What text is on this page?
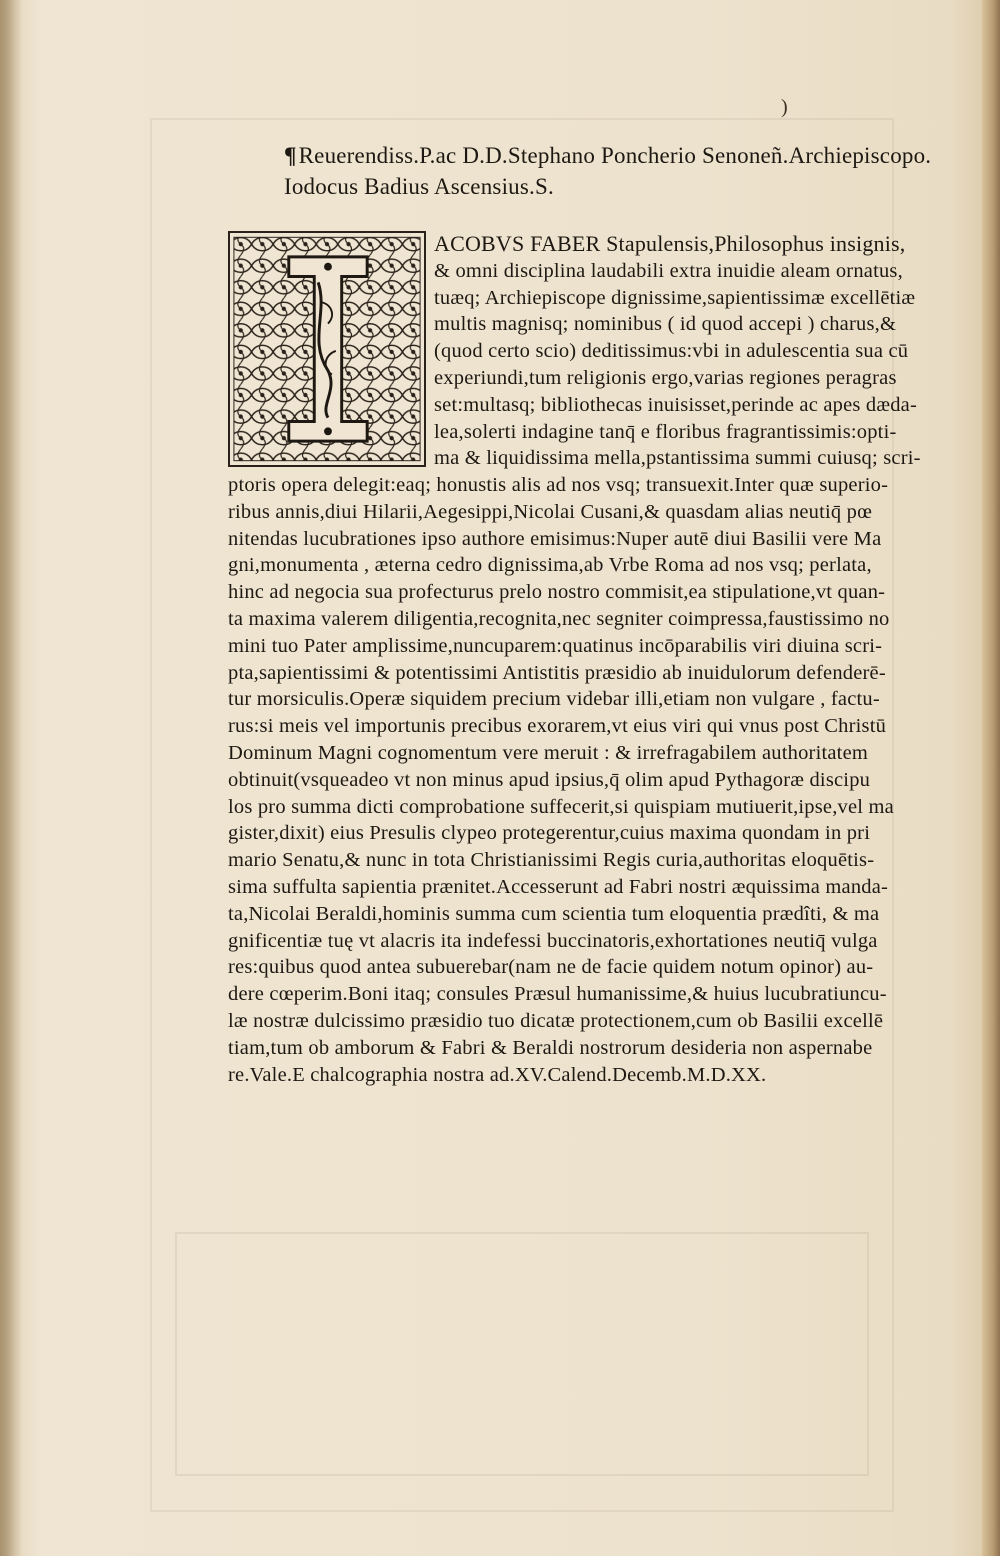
)
¶Reuerendiss.P.ac D.D.Stephano Poncherio Senoneñ.Archiepiscopo.
Iodocus Badius Ascensius.S.
ACOBVS FABER Stapulensis,Philosophus insignis,
& omni disciplina laudabili extra inuidie aleam ornatus,
tuæq; Archiepiscope dignissime,sapientissimæ excellētiæ
multis magnisq; nominibus ( id quod accepi ) charus,&
(quod certo scio) deditissimus:vbi in adulescentia sua cū
experiundi,tum religionis ergo,varias regiones peragras
set:multasq; bibliothecas inuisisset,perinde ac apes dæda-
lea,solerti indagine tanq̄ e floribus fragrantissimis:opti-
ma & liquidissima mella,pstantissima summi cuiusq; scri-
ptoris opera delegit:eaq; honustis alis ad nos vsq; transuexit.Inter quæ superio-
ribus annis,diui Hilarii,Aegesippi,Nicolai Cusani,& quasdam alias neutiq̄ pœ
nitendas lucubrationes ipso authore emisimus:Nuper autē diui Basilii vere Ma
gni,monumenta , æterna cedro dignissima,ab Vrbe Roma ad nos vsq; perlata,
hinc ad negocia sua profecturus prelo nostro commisit,ea stipulatione,vt quan-
ta maxima valerem diligentia,recognita,nec segniter coimpressa,faustissimo no
mini tuo Pater amplissime,nuncuparem:quatinus incōparabilis viri diuina scri-
pta,sapientissimi & potentissimi Antistitis præsidio ab inuidulorum defenderē-
tur morsiculis.Operæ siquidem precium videbar illi,etiam non vulgare , factu-
rus:si meis vel importunis precibus exorarem,vt eius viri qui vnus post Christū
Dominum Magni cognomentum vere meruit : & irrefragabilem authoritatem
obtinuit(vsqueadeo vt non minus apud ipsius,q̄ olim apud Pythagoræ discipu
los pro summa dicti comprobatione suffecerit,si quispiam mutiuerit,ipse,vel ma
gister,dixit) eius Presulis clypeo protegerentur,cuius maxima quondam in pri
mario Senatu,& nunc in tota Christianissimi Regis curia,authoritas eloquētis-
sima suffulta sapientia prænitet.Accesserunt ad Fabri nostri æquissima manda-
ta,Nicolai Beraldi,hominis summa cum scientia tum eloquentia prædîti, & ma
gnificentiæ tuę vt alacris ita indefessi buccinatoris,exhortationes neutiq̄ vulga
res:quibus quod antea subuerebar(nam ne de facie quidem notum opinor) au-
dere cœperim.Boni itaq; consules Præsul humanissime,& huius lucubratiuncu-
læ nostræ dulcissimo præsidio tuo dicatæ protectionem,cum ob Basilii excellē
tiam,tum ob amborum & Fabri & Beraldi nostrorum desideria non aspernabe
re.Vale.E chalcographia nostra ad.XV.Calend.Decemb.M.D.XX.
